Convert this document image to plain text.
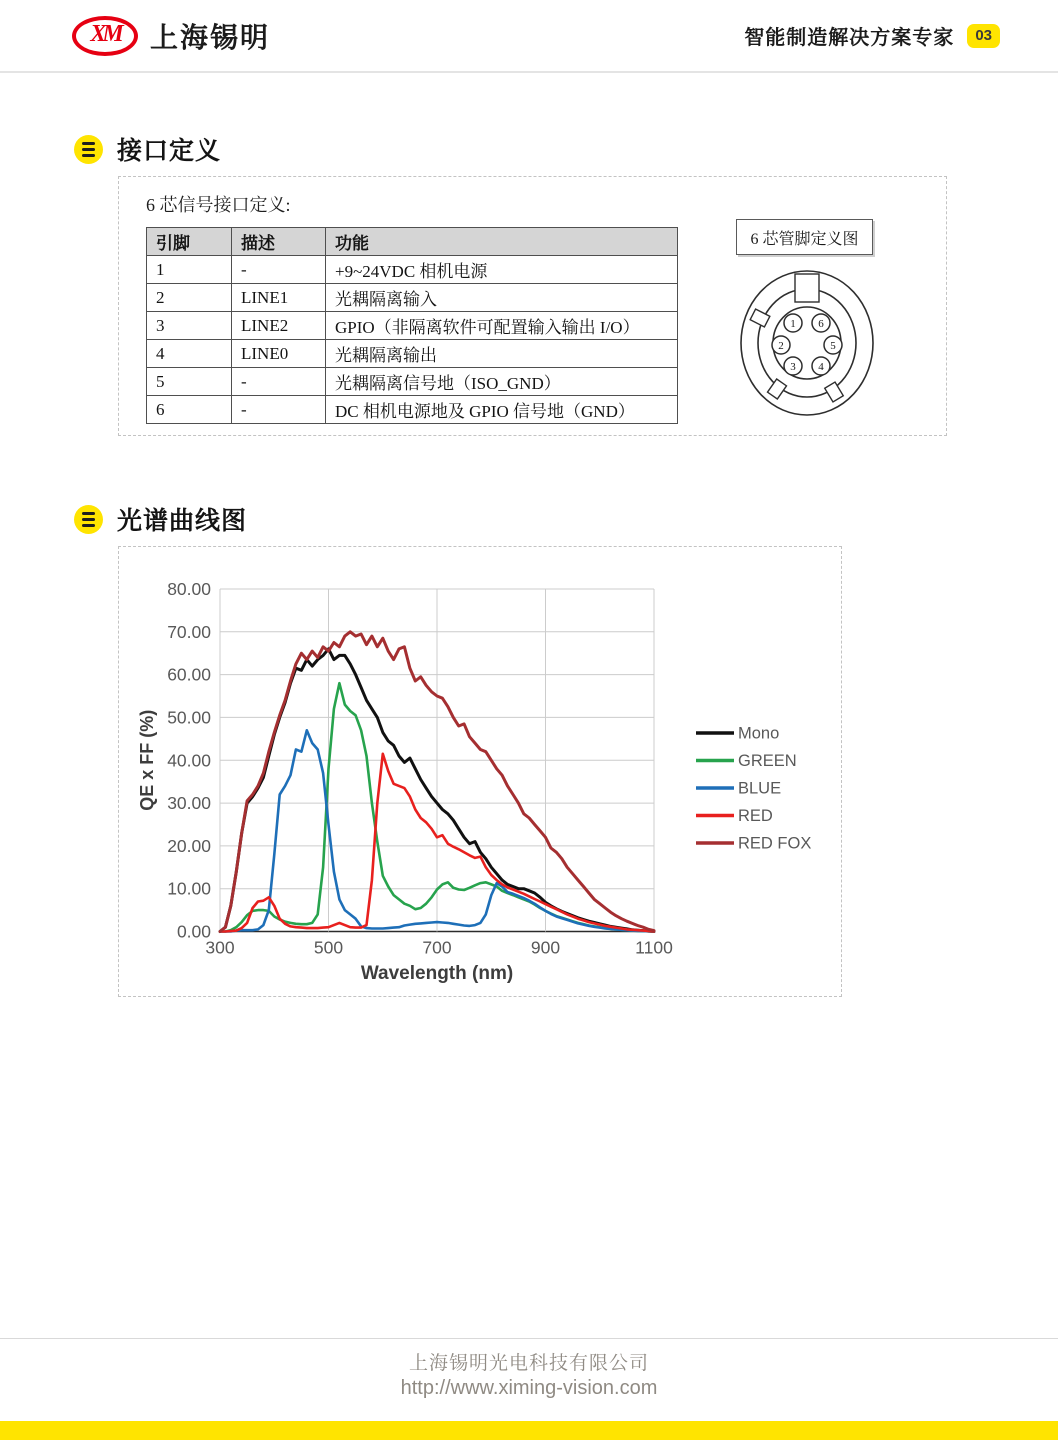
XM 上海锡明	智能制造解决方案专家	03
接口定义
6 芯信号接口定义:
引脚	描述	功能
1	-	+9~24VDC 相机电源
2	LINE1	光耦隔离输入
3	LINE2	GPIO（非隔离软件可配置输入输出 I/O）
4	LINE0	光耦隔离输出
5	-	光耦隔离信号地（ISO_GND）
6	-	DC 相机电源地及 GPIO 信号地（GND）
6 芯管脚定义图
1 6
2	5
3 4
光谱曲线图
0.00
10.00
20.00
30.00
40.00
50.00
60.00
70.00
80.00
300	500	700	900	1100
Mono
GREEN
BLUE
RED
RED FOX
Wavelength (nm)
QE x FF (%)
上海锡明光电科技有限公司
http://www.ximing-vision.com
